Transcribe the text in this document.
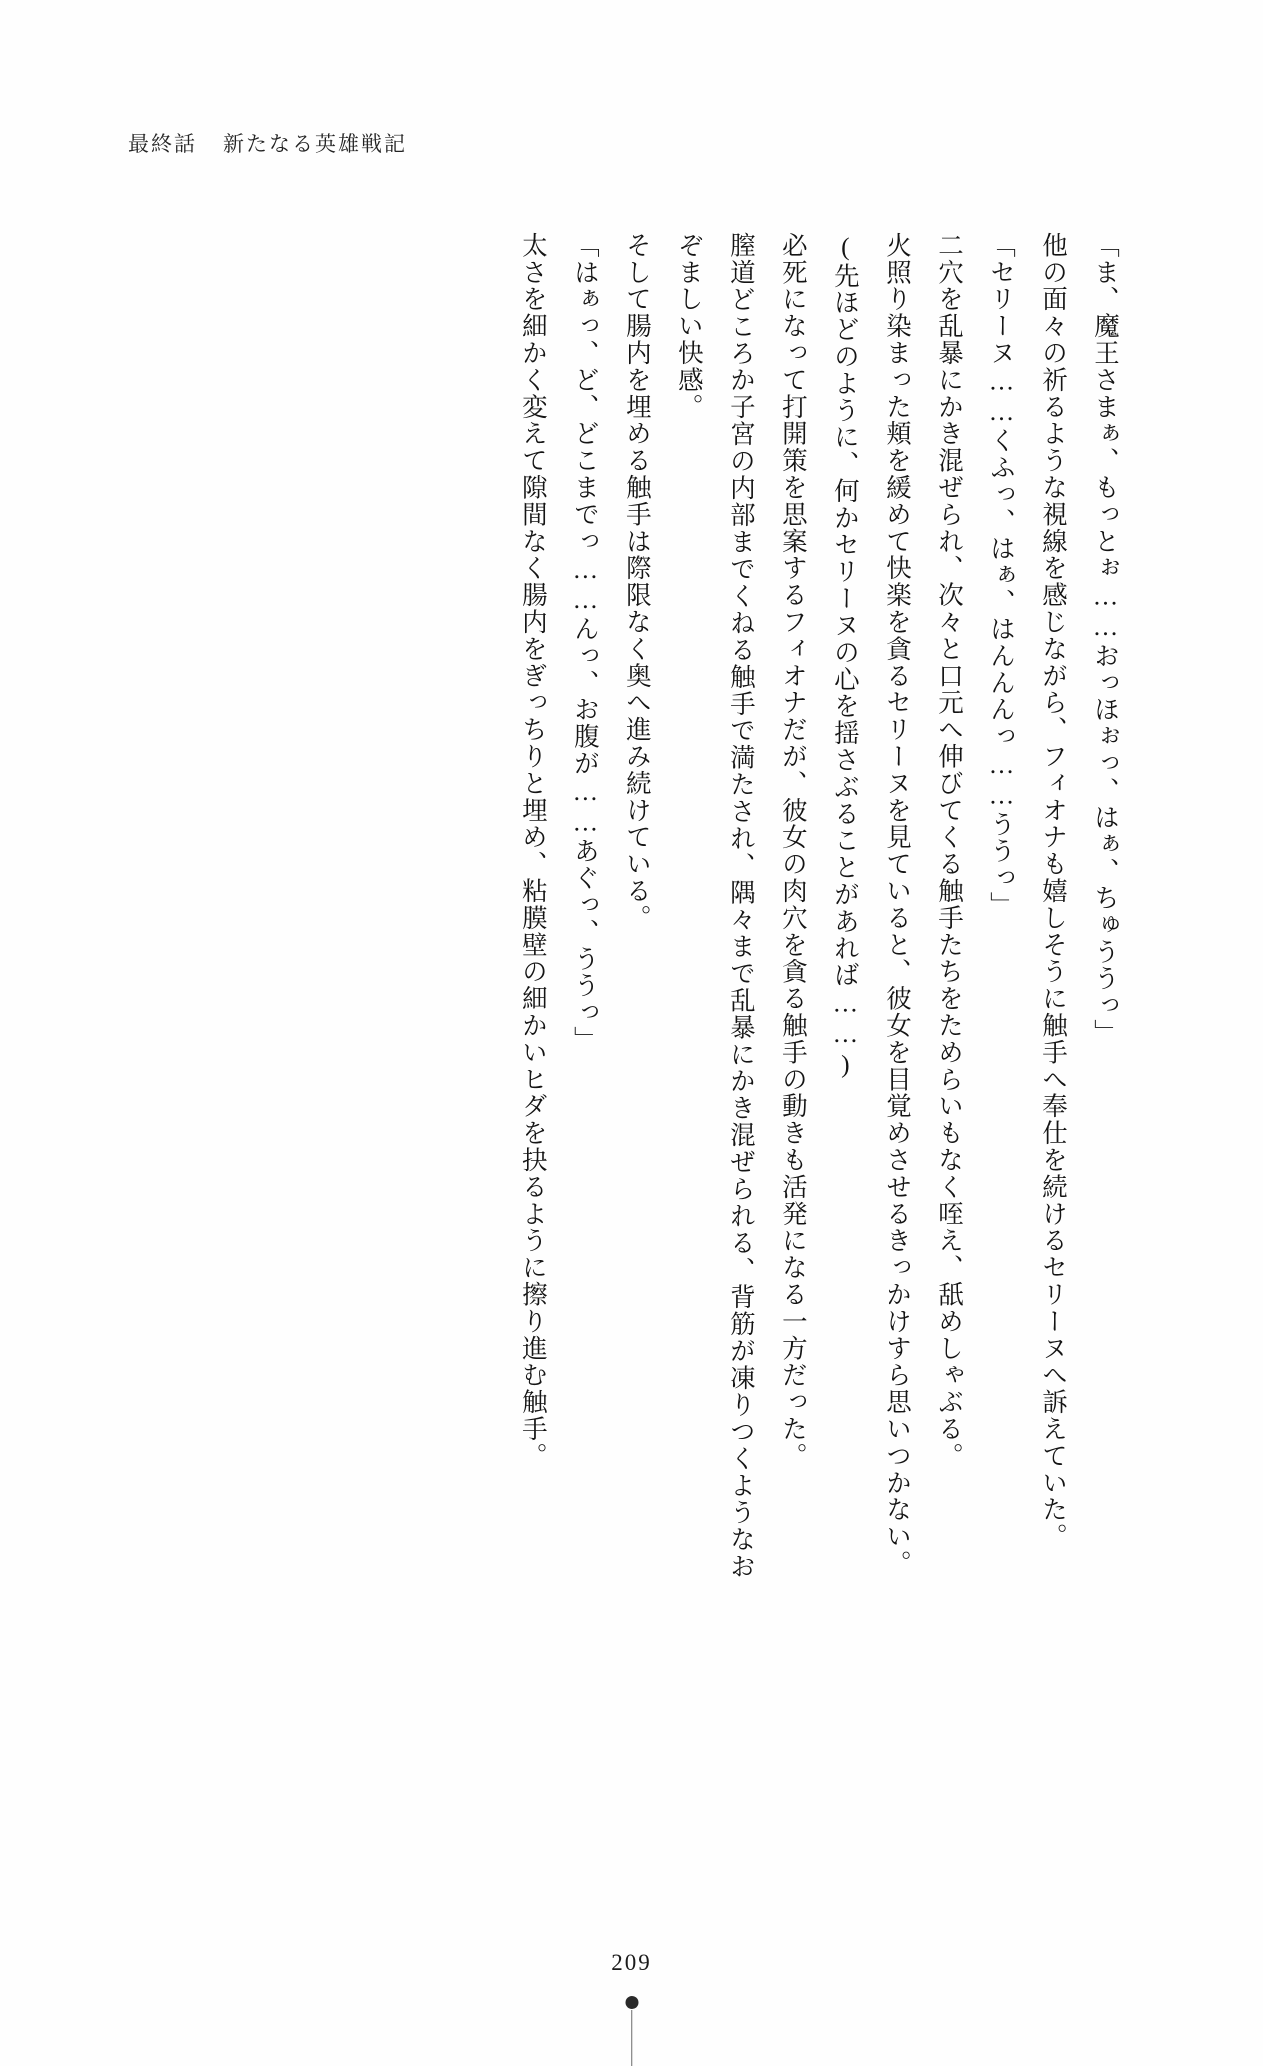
最終話 新たなる英雄戦記

「ま、魔王さまぁ、もっとぉ……おっほぉっ、はぁ、ちゅううっ」

他の面々の祈るような視線を感じながら、フィオナも嬉しそうに触手へ奉仕を続けるセリーヌへ訴えていた。

「セリーヌ……くふっ、はぁ、はんんんっ……ううっ」

二穴を乱暴にかき混ぜられ、次々と口元へ伸びてくる触手たちをためらいもなく咥え、舐めしゃぶる。

火照り染まった頬を緩めて快楽を貪るセリーヌを見ていると、彼女を目覚めさせるきっかけすら思いつかない。

(先ほどのように、何かセリーヌの心を揺さぶることがあれば……)

必死になって打開策を思案するフィオナだが、彼女の肉穴を貪る触手の動きも活発になる一方だった。

膣道どころか子宮の内部までくねる触手で満たされ、隅々まで乱暴にかき混ぜられる、背筋が凍りつくようなおぞましい快感。

そして腸内を埋める触手は際限なく奥へ進み続けている。

「はぁっ、ど、どこまでっ……んっ、お腹が……あぐっ、ううっ」

太さを細かく変えて隙間なく腸内をぎっちりと埋め、粘膜壁の細かいヒダを抉るように擦り進む触手。

209
